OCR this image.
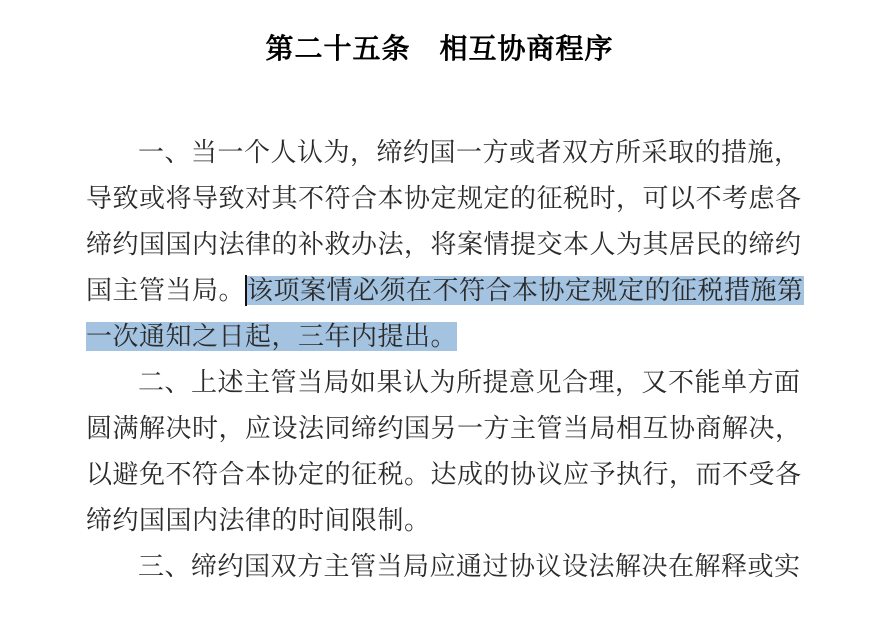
第二十五条　相互协商程序
一、当一个人认为，缔约国一方或者双方所采取的措施，
导致或将导致对其不符合本协定规定的征税时，可以不考虑各
缔约国国内法律的补救办法，将案情提交本人为其居民的缔约
国主管当局。该项案情必须在不符合本协定规定的征税措施第
一次通知之日起，三年内提出。
二、上述主管当局如果认为所提意见合理，又不能单方面
圆满解决时，应设法同缔约国另一方主管当局相互协商解决，
以避免不符合本协定的征税。达成的协议应予执行，而不受各
缔约国国内法律的时间限制。
三、缔约国双方主管当局应通过协议设法解决在解释或实
